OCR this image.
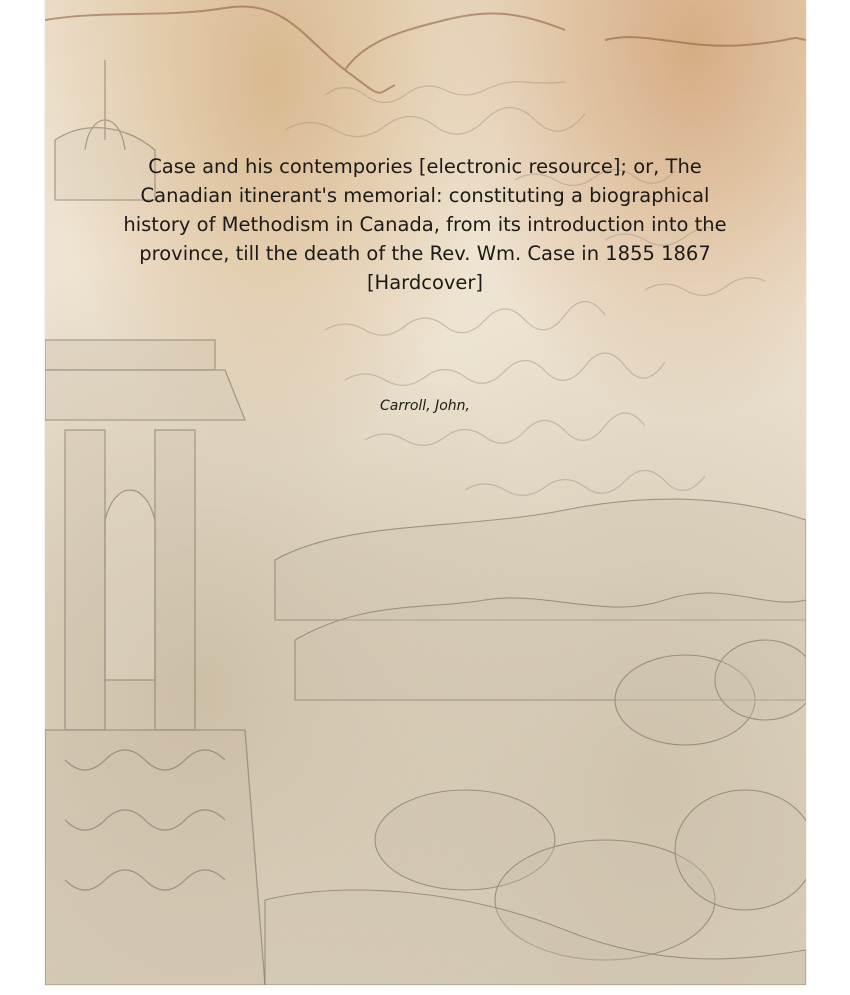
Case and his contempories [electronic resource]; or, The Canadian itinerant's memorial: constituting a biographical history of Methodism in Canada, from its introduction into the province, till the death of the Rev. Wm. Case in 1855 1867 [Hardcover]
Carroll, John,
